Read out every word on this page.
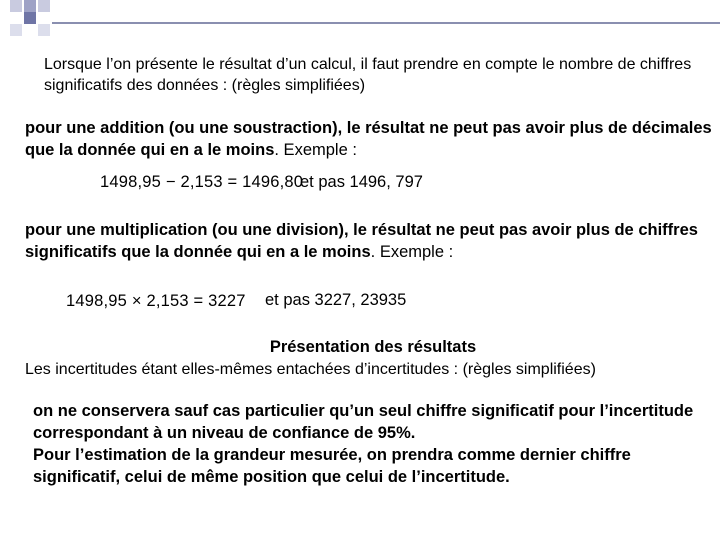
Lorsque l’on présente le résultat d’un calcul, il faut prendre en compte le nombre de chiffres significatifs des données : (règles simplifiées)

pour une addition (ou une soustraction), le résultat ne peut pas avoir plus de décimales que la donnée qui en a le moins. Exemple :

1498,95 − 2,153 = 1496,80
et pas 1496, 797

pour une multiplication (ou une division), le résultat ne peut pas avoir plus de chiffres significatifs que la donnée qui en a le moins. Exemple :

1498,95 × 2,153 = 3227 et pas 3227, 23935
Présentation des résultats

Les incertitudes étant elles-mêmes entachées d’incertitudes : (règles simplifiées)

on ne conservera sauf cas particulier qu’un seul chiffre significatif pour l’incertitude correspondant à un niveau de confiance de 95%.
Pour l’estimation de la grandeur mesurée, on prendra comme dernier chiffre significatif, celui de même position que celui de l’incertitude.
